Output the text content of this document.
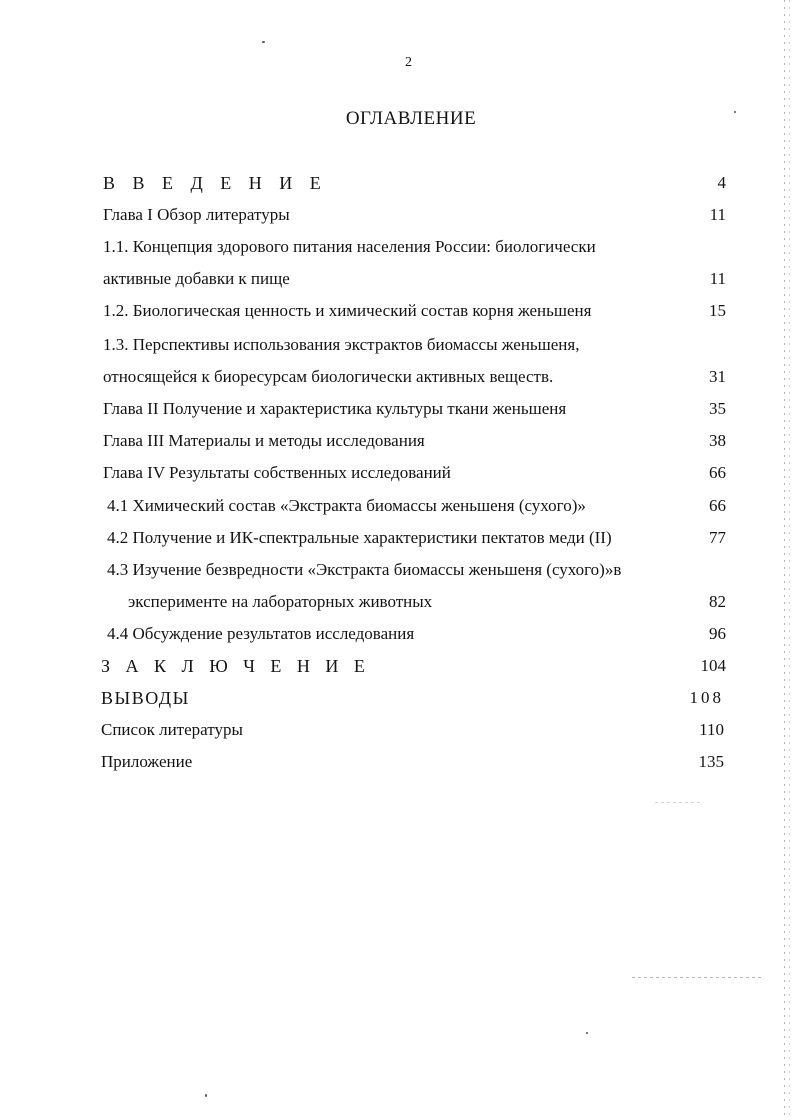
2
ОГЛАВЛЕНИЕ
В В Е Д Е Н И Е	4
Глава I Обзор литературы	11
1.1. Концепция здорового питания населения России: биологически
активные добавки к пище	11
1.2. Биологическая ценность и химический состав корня женьшеня	15
1.3. Перспективы использования экстрактов биомассы женьшеня,
относящейся к биоресурсам биологически активных веществ.	31
Глава II Получение и характеристика культуры ткани женьшеня	35
Глава III Материалы и методы исследования	38
Глава IV Результаты собственных исследований	66
4.1 Химический состав «Экстракта биомассы женьшеня (сухого)»	66
4.2 Получение и ИК-спектральные характеристики пектатов меди (II)	77
4.3 Изучение безвредности «Экстракта биомассы женьшеня (сухого)»в
эксперименте на лабораторных животных	82
4.4 Обсуждение результатов исследования	96
З А К Л Ю Ч Е Н И Е	104
ВЫВОДЫ	108
Список литературы	110
Приложение	135
